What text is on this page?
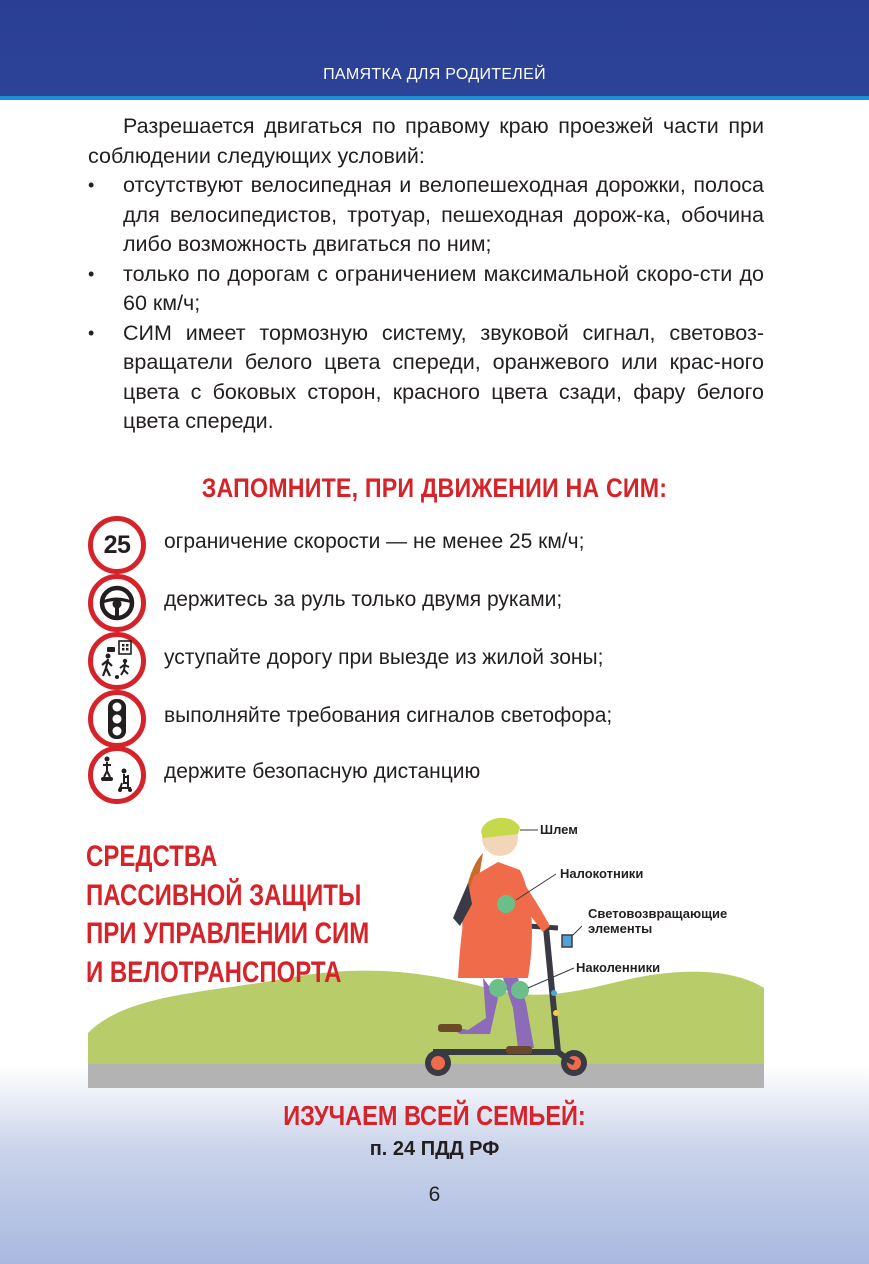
ПАМЯТКА ДЛЯ РОДИТЕЛЕЙ

Разрешается двигаться по правому краю проезжей части при соблюдении следующих условий:

• отсутствуют велосипедная и велопешеходная дорожки, полоса для велосипедистов, тротуар, пешеходная дорож-ка, обочина либо возможность двигаться по ним;
• только по дорогам с ограничением максимальной скоро-сти до 60 км/ч;
• СИМ имеет тормозную систему, звуковой сигнал, световоз-вращатели белого цвета спереди, оранжевого или крас-ного цвета с боковых сторон, красного цвета сзади, фару белого цвета спереди.
ЗАПОМНИТЕ, ПРИ ДВИЖЕНИИ НА СИМ:
25 ограничение скорости — не менее 25 км/ч;
держитесь за руль только двумя руками;
уступайте дорогу при выезде из жилой зоны;
выполняйте требования сигналов светофора;
держите безопасную дистанцию
Шлем
Налокотники
Световозвращающие
элементы
Наколенники
СРЕДСТВА
ПАССИВНОЙ ЗАЩИТЫ
ПРИ УПРАВЛЕНИИ СИМ
И ВЕЛОТРАНСПОРТА
ИЗУЧАЕМ ВСЕЙ СЕМЬЕЙ:
п. 24 ПДД РФ
6
